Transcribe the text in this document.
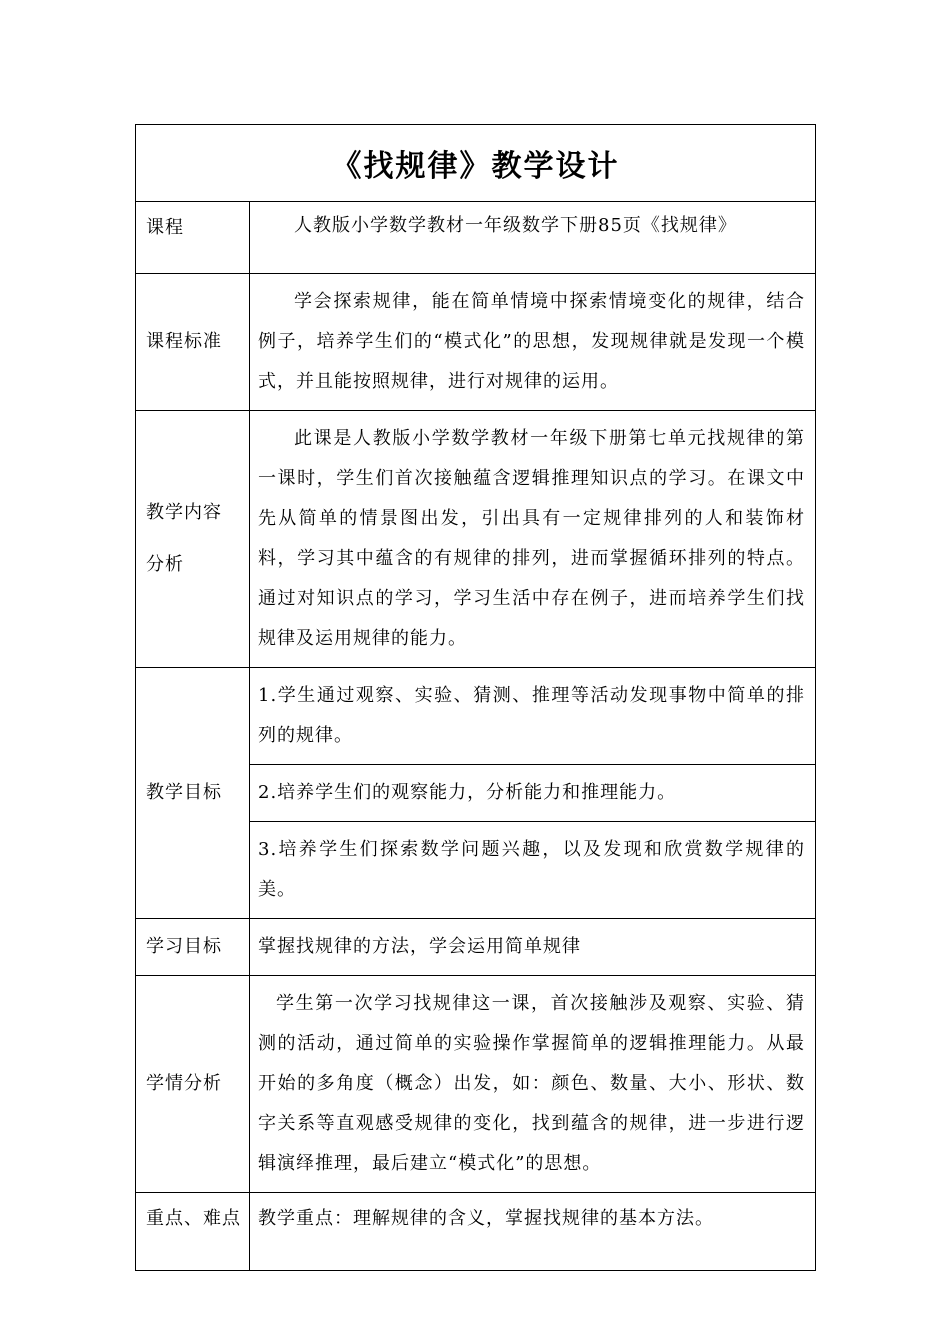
《找规律》教学设计	
课程	人教版小学数学教材一年级数学下册85页《找规律》
课程标准	学会探索规律，能在简单情境中探索情境变化的规律，结合例子，培养学生们的“模式化”的思想，发现规律就是发现一个模式，并且能按照规律，进行对规律的运用。

教学内容
分析	此课是人教版小学数学教材一年级下册第七单元找规律的第一课时，学生们首次接触蕴含逻辑推理知识点的学习。在课文中先从简单的情景图出发，引出具有一定规律排列的人和装饰材料，学习其中蕴含的有规律的排列，进而掌握循环排列的特点。通过对知识点的学习，学习生活中存在例子，进而培养学生们找规律及运用规律的能力。
教学目标	1.学生通过观察、实验、猜测、推理等活动发现事物中简单的排列的规律。
	2.培养学生们的观察能力，分析能力和推理能力。
	3.培养学生们探索数学问题兴趣，以及发现和欣赏数学规律的美。
学习目标	掌握找规律的方法，学会运用简单规律
学情分析	学生第一次学习找规律这一课，首次接触涉及观察、实验、猜测的活动，通过简单的实验操作掌握简单的逻辑推理能力。从最开始的多角度（概念）出发，如：颜色、数量、大小、形状、数字关系等直观感受规律的变化，找到蕴含的规律，进一步进行逻辑演绎推理，最后建立“模式化”的思想。
重点、难点	教学重点：理解规律的含义，掌握找规律的基本方法。
